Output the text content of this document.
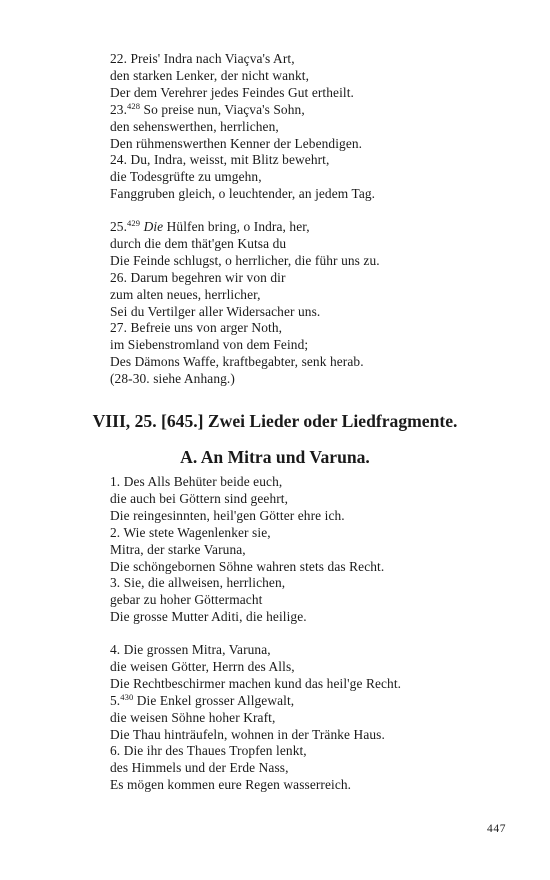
22. Preis' Indra nach Viaçva's Art,
den starken Lenker, der nicht wankt,
Der dem Verehrer jedes Feindes Gut ertheilt.
23.$^{428}$ So preise nun, Viaçva's Sohn,
den sehenswerthen, herrlichen,
Den rühmenswerthen Kenner der Lebendigen.
24. Du, Indra, weisst, mit Blitz bewehrt,
die Todesgrüfte zu umgehn,
Fanggruben gleich, o leuchtender, an jedem Tag.
25.$^{429}$ Die Hülfen bring, o Indra, her,
durch die dem thät'gen Kutsa du
Die Feinde schlugst, o herrlicher, die führ uns zu.
26. Darum begehren wir von dir
zum alten neues, herrlicher,
Sei du Vertilger aller Widersacher uns.
27. Befreie uns von arger Noth,
im Siebenstromland von dem Feind;
Des Dämons Waffe, kraftbegabter, senk herab.
(28-30. siehe Anhang.)
VIII, 25. [645.] Zwei Lieder oder Liedfragmente.
A. An Mitra und Varuna.
1. Des Alls Behüter beide euch,
die auch bei Göttern sind geehrt,
Die reingesinnten, heil'gen Götter ehre ich.
2. Wie stete Wagenlenker sie,
Mitra, der starke Varuna,
Die schöngebornen Söhne wahren stets das Recht.
3. Sie, die allweisen, herrlichen,
gebar zu hoher Göttermacht
Die grosse Mutter Aditi, die heilige.
4. Die grossen Mitra, Varuna,
die weisen Götter, Herrn des Alls,
Die Rechtbeschirmer machen kund das heil'ge Recht.
5.$^{430}$ Die Enkel grosser Allgewalt,
die weisen Söhne hoher Kraft,
Die Thau hinträufeln, wohnen in der Tränke Haus.
6. Die ihr des Thaues Tropfen lenkt,
des Himmels und der Erde Nass,
Es mögen kommen eure Regen wasserreich.
447
